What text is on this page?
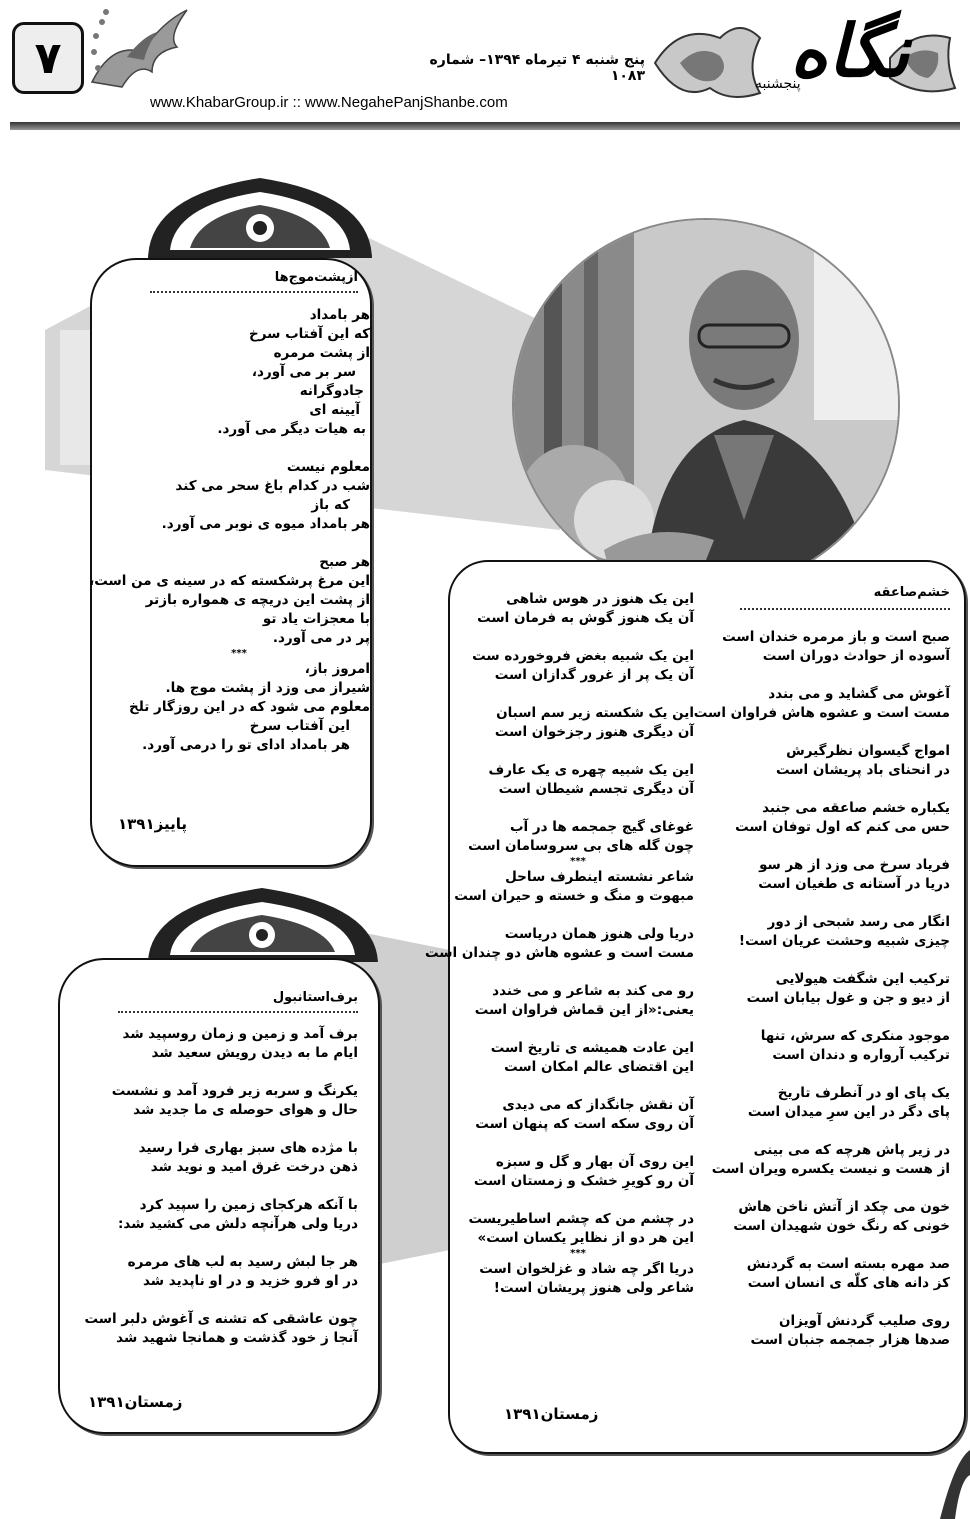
۷	پنج شنبه ۴ تیرماه ۱۳۹۴– شماره ۱۰۸۳
www.KhabarGroup.ir :: www.NegahePanjShanbe.com
نگاه
پنجشنبه
ازپشت‌موج‌ها
هر بامداد
که این آفتاب سرخ
از پشت مرمره
سر بر می آورد،
جادوگرانه
آیینه ای
به هیات دیگر می آورد.
معلوم نیست
شب در کدام باغ سحر می کند
که باز
هر بامداد میوه ی نوبر می آورد.
هر صبح
این مرغ پرشکسته که در سینه ی من است،
از پشت این دریچه ی همواره بازتر
با معجزات یاد تو
پر در می آورد.
***
امروز باز،
شیراز می وزد از پشت موج ها.
معلوم می شود که در این روزگار تلخ
این آفتاب سرخ
هر بامداد ادای تو را درمی آورد.
پاییز۱۳۹۱
برف‌استانبول
برف آمد و زمین و زمان روسپید شد
ایام ما به دیدن رویش سعید شد
یکرنگ و سربه زیر فرود آمد و نشست
حال و هوای حوصله ی ما جدید شد
با مژده های سبز بهاری فرا رسید
ذهن درخت غرق امید و نوید شد
با آنکه هرکجای زمین را سپید کرد
دریا ولی هرآنچه دلش می کشید شد:
هر جا لبش رسید به لب های مرمره
در او فرو خزید و در او ناپدید شد
چون عاشقی که تشنه ی آغوش دلبر است
آنجا ز خود گذشت و همانجا شهید شد
زمستان۱۳۹۱
خشم‌صاعقه
صبح است و باز مرمره خندان است
آسوده از حوادث دوران است
آغوش می گشاید و می بندد
مست است و عشوه هاش فراوان است
امواج گیسوان نظرگیرش
در انحنای باد پریشان است
یکباره خشم صاعقه می جنبد
حس می کنم که اول توفان است
فریاد سرخ می وزد از هر سو
دریا در آستانه ی طغیان است
انگار می رسد شبحی از دور
چیزی شبیه وحشت عریان است!
ترکیب این شگفت هیولایی
از دیو و جن و غول بیابان است
موجود منکری که سرش، تنها
ترکیب آرواره و دندان است
یک پای او در آنطرف تاریخ
پای دگر در این سرِ میدان است
در زیر پاش هرچه که می بینی
از هست و نیست یکسره ویران است
خون می چکد از آتش ناخن هاش
خونی که رنگ خون شهیدان است
صد مهره بسته است به گردنش
کز دانه های کلّه ی انسان است
روی صلیب گردنش آویزان
صدها هزار جمجمه جنبان است
این یک هنوز در هوس شاهی
آن یک هنوز گوش به فرمان است
این یک شبیه بغض فروخورده ست
آن یک پر از غرور گدازان است
این یک شکسته زیر سم اسبان
آن دیگری هنوز رجزخوان است
این یک شبیه چهره ی یک عارف
آن دیگری تجسم شیطان است
غوغای گیج جمجمه ها در آب
چون گله های بی سروسامان است
***
شاعر نشسته اینطرف ساحل
مبهوت و منگ و خسته و حیران است
دریا ولی هنوز همان دریاست
مست است و عشوه هاش دو چندان است
رو می کند به شاعر و می خندد
یعنی:«از این قماش فراوان است
این عادت همیشه ی تاریخ است
این اقتضای عالم امکان است
آن نقش جانگداز که می دیدی
آن روی سکه است که پنهان است
این روی آن بهار و گل و سبزه
آن رو کویرِ خشک و زمستان است
در چشم من که چشم اساطیریست
این هر دو از نظایر یکسان است»
***
دریا اگر چه شاد و غزلخوان است
شاعر ولی هنوز پریشان است!
زمستان۱۳۹۱
